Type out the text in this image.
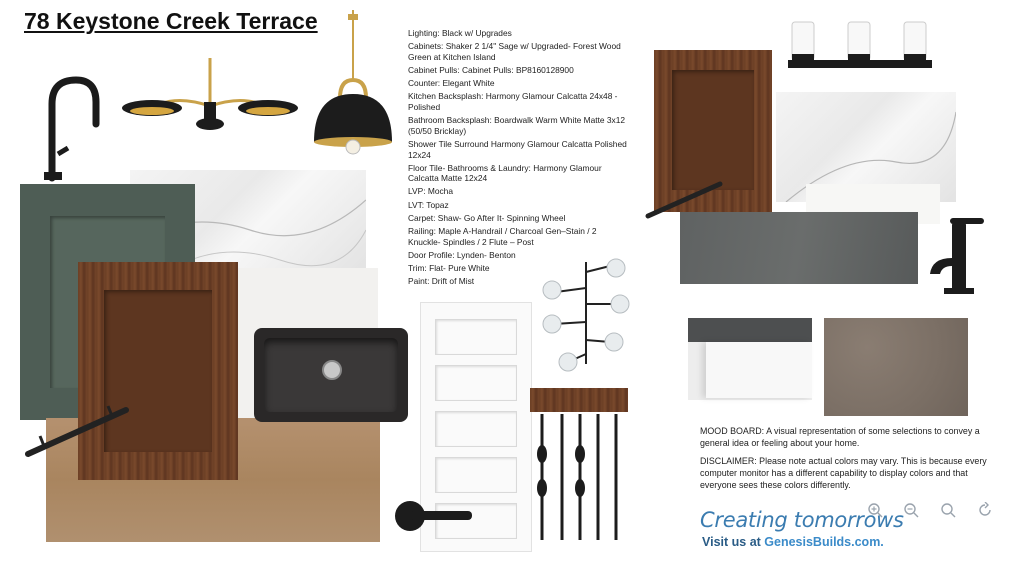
78 Keystone Creek Terrace	Lighting: Black w/ Upgrades
Cabinets: Shaker 2 1/4" Sage w/ Upgraded- Forest Wood Green at Kitchen Island
Cabinet Pulls: Cabinet Pulls: BP8160128900
Counter: Elegant White
Kitchen Backsplash: Harmony Glamour Calcatta 24x48 - Polished
Bathroom Backsplash: Boardwalk Warm White Matte 3x12 (50/50 Bricklay)
Shower Tile Surround Harmony Glamour Calcatta Polished 12x24
Floor Tile- Bathrooms & Laundry: Harmony Glamour Calcatta Matte 12x24
LVP: Mocha
LVT: Topaz
Carpet: Shaw- Go After It- Spinning Wheel
Railing: Maple A-Handrail / Charcoal Gen–Stain / 2 Knuckle- Spindles / 2 Flute – Post
Door Profile: Lynden- Benton
Trim: Flat- Pure White
Paint: Drift of Mist
MOOD BOARD: A visual representation of some selections to convey a general idea or feeling about your home.
DISCLAIMER: Please note actual colors may vary. This is because every computer monitor has a different capability to display colors and that everyone sees these colors differently.
Creating tomorrows
Visit us at GenesisBuilds.com.
